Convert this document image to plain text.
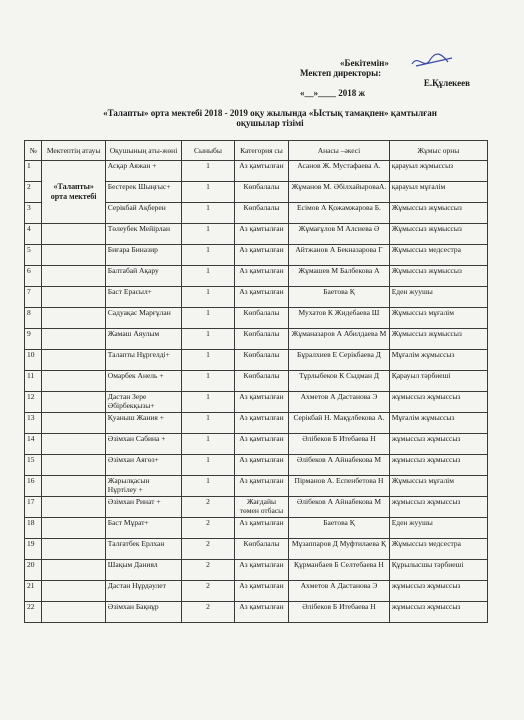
«Бекітемін»
Мектеп директоры:
Е.Құлекеев
«__»____ 2018 ж
«Талапты» орта мектебі 2018 - 2019 оқу жылында «Ыстық тамақпен» қамтылған
оқушылар тізімі
№	Мектептің атауы	Оқушының аты-жөні	Сыныбы	Категория сы	Анасы –әкесі	Жұмыс орны
1	«Талапты» орта мектебі	Асқар Аяжан +	1	Аз қамтылған	Асанов Ж. Мустафаева А.	қарауыл жұмыссыз
2		Бестерек Шыңғыс+	1	Көпбалалы	Жұманов М. ӘбілхайыроваА.	қарауыл мұғалім
3		Серікбай Ақберен	1	Көпбалалы	Есімов А Қожамжарова Б.	Жұмыссыз жұмыссыз
4		Төлеубек Мейірлан	1	Аз қамтылған	Жұмағұлов М Алсиева Ә	Жұмыссыз жұмыссыз
5		Биғара Биназир	1	Аз қамтылған	Айтжанов А Бекназарова Г	Жұмыссыз медсестра
6		Балтабай Ақару	1	Аз қамтылған	Жұмашев М Балбекова А	Жұмыссыз жұмыссыз
7		Баст Ерасыл+	1	Аз қамтылған	Баетова Қ	Еден жуушы
8		Садуақас Марғұлан	1	Көпбалалы	Мухатов К Жидебаева Ш	Жұмыссыз мұғалім
9		Жамаш Аяулым	1	Көпбалалы	Жұманазаров А Абилдаева М	Жұмыссыз жұмыссыз
10		Талапты Нұргелді+	1	Көпбалалы	Бұралхиев Е Серікбаева Д	Мұғалім жұмыссыз
11		Омарбек Анель +	1	Көпбалалы	Тұрлыбеков К Сыдман Д	Қарауыл тәрбиеші
12		Дастан Зере Әбірбекқызы+	1	Аз қамтылған	Ахметов А Дастанова Э	жұмыссыз жұмыссыз
13		Қуаныш Жания +	1	Аз қамтылған	Серікбай Н. Мақұлбекова А.	Мұғалім жұмыссыз
14		Әзімхан Сабина +	1	Аз қамтылған	Әлібеков Б Итебаева Н	жұмыссыз жұмыссыз
15		Әзімхан Аягөз+	1	Аз қамтылған	Әлібеков А Айнабекова М	жұмыссыз жұмыссыз
16		Жарылқасын Нұртілеу +	1	Аз қамтылған	Пірманов А. Еспенбетова Н	Жұмыссыз мұғалім
17		Әзімхан Ринат +	2	Жағдайы төмен отбасы	Әлібеков А Айнабекова М	жұмыссыз жұмыссыз
18		Баст Мұрат+	2	Аз қамтылған	Баетова Қ	Еден жуушы
19		Талғатбек Ерлхан	2	Көпбалалы	Мұзаппаров Д Муфтилаева Қ	Жұмыссыз медсестра
20		Шақым Даниял	2	Аз қамтылған	Құрманбаев Б Селтебаева Н	Құрылысшы тәрбиеші
21		Дастан Нұрдәулет	2	Аз қамтылған	Ахметов А Дастанова Э	жұмыссыз жұмыссыз
22		Әзімхан Бақнұр	2	Аз қамтылған	Әлібеков Б Итебаева Н	жұмыссыз жұмыссыз
